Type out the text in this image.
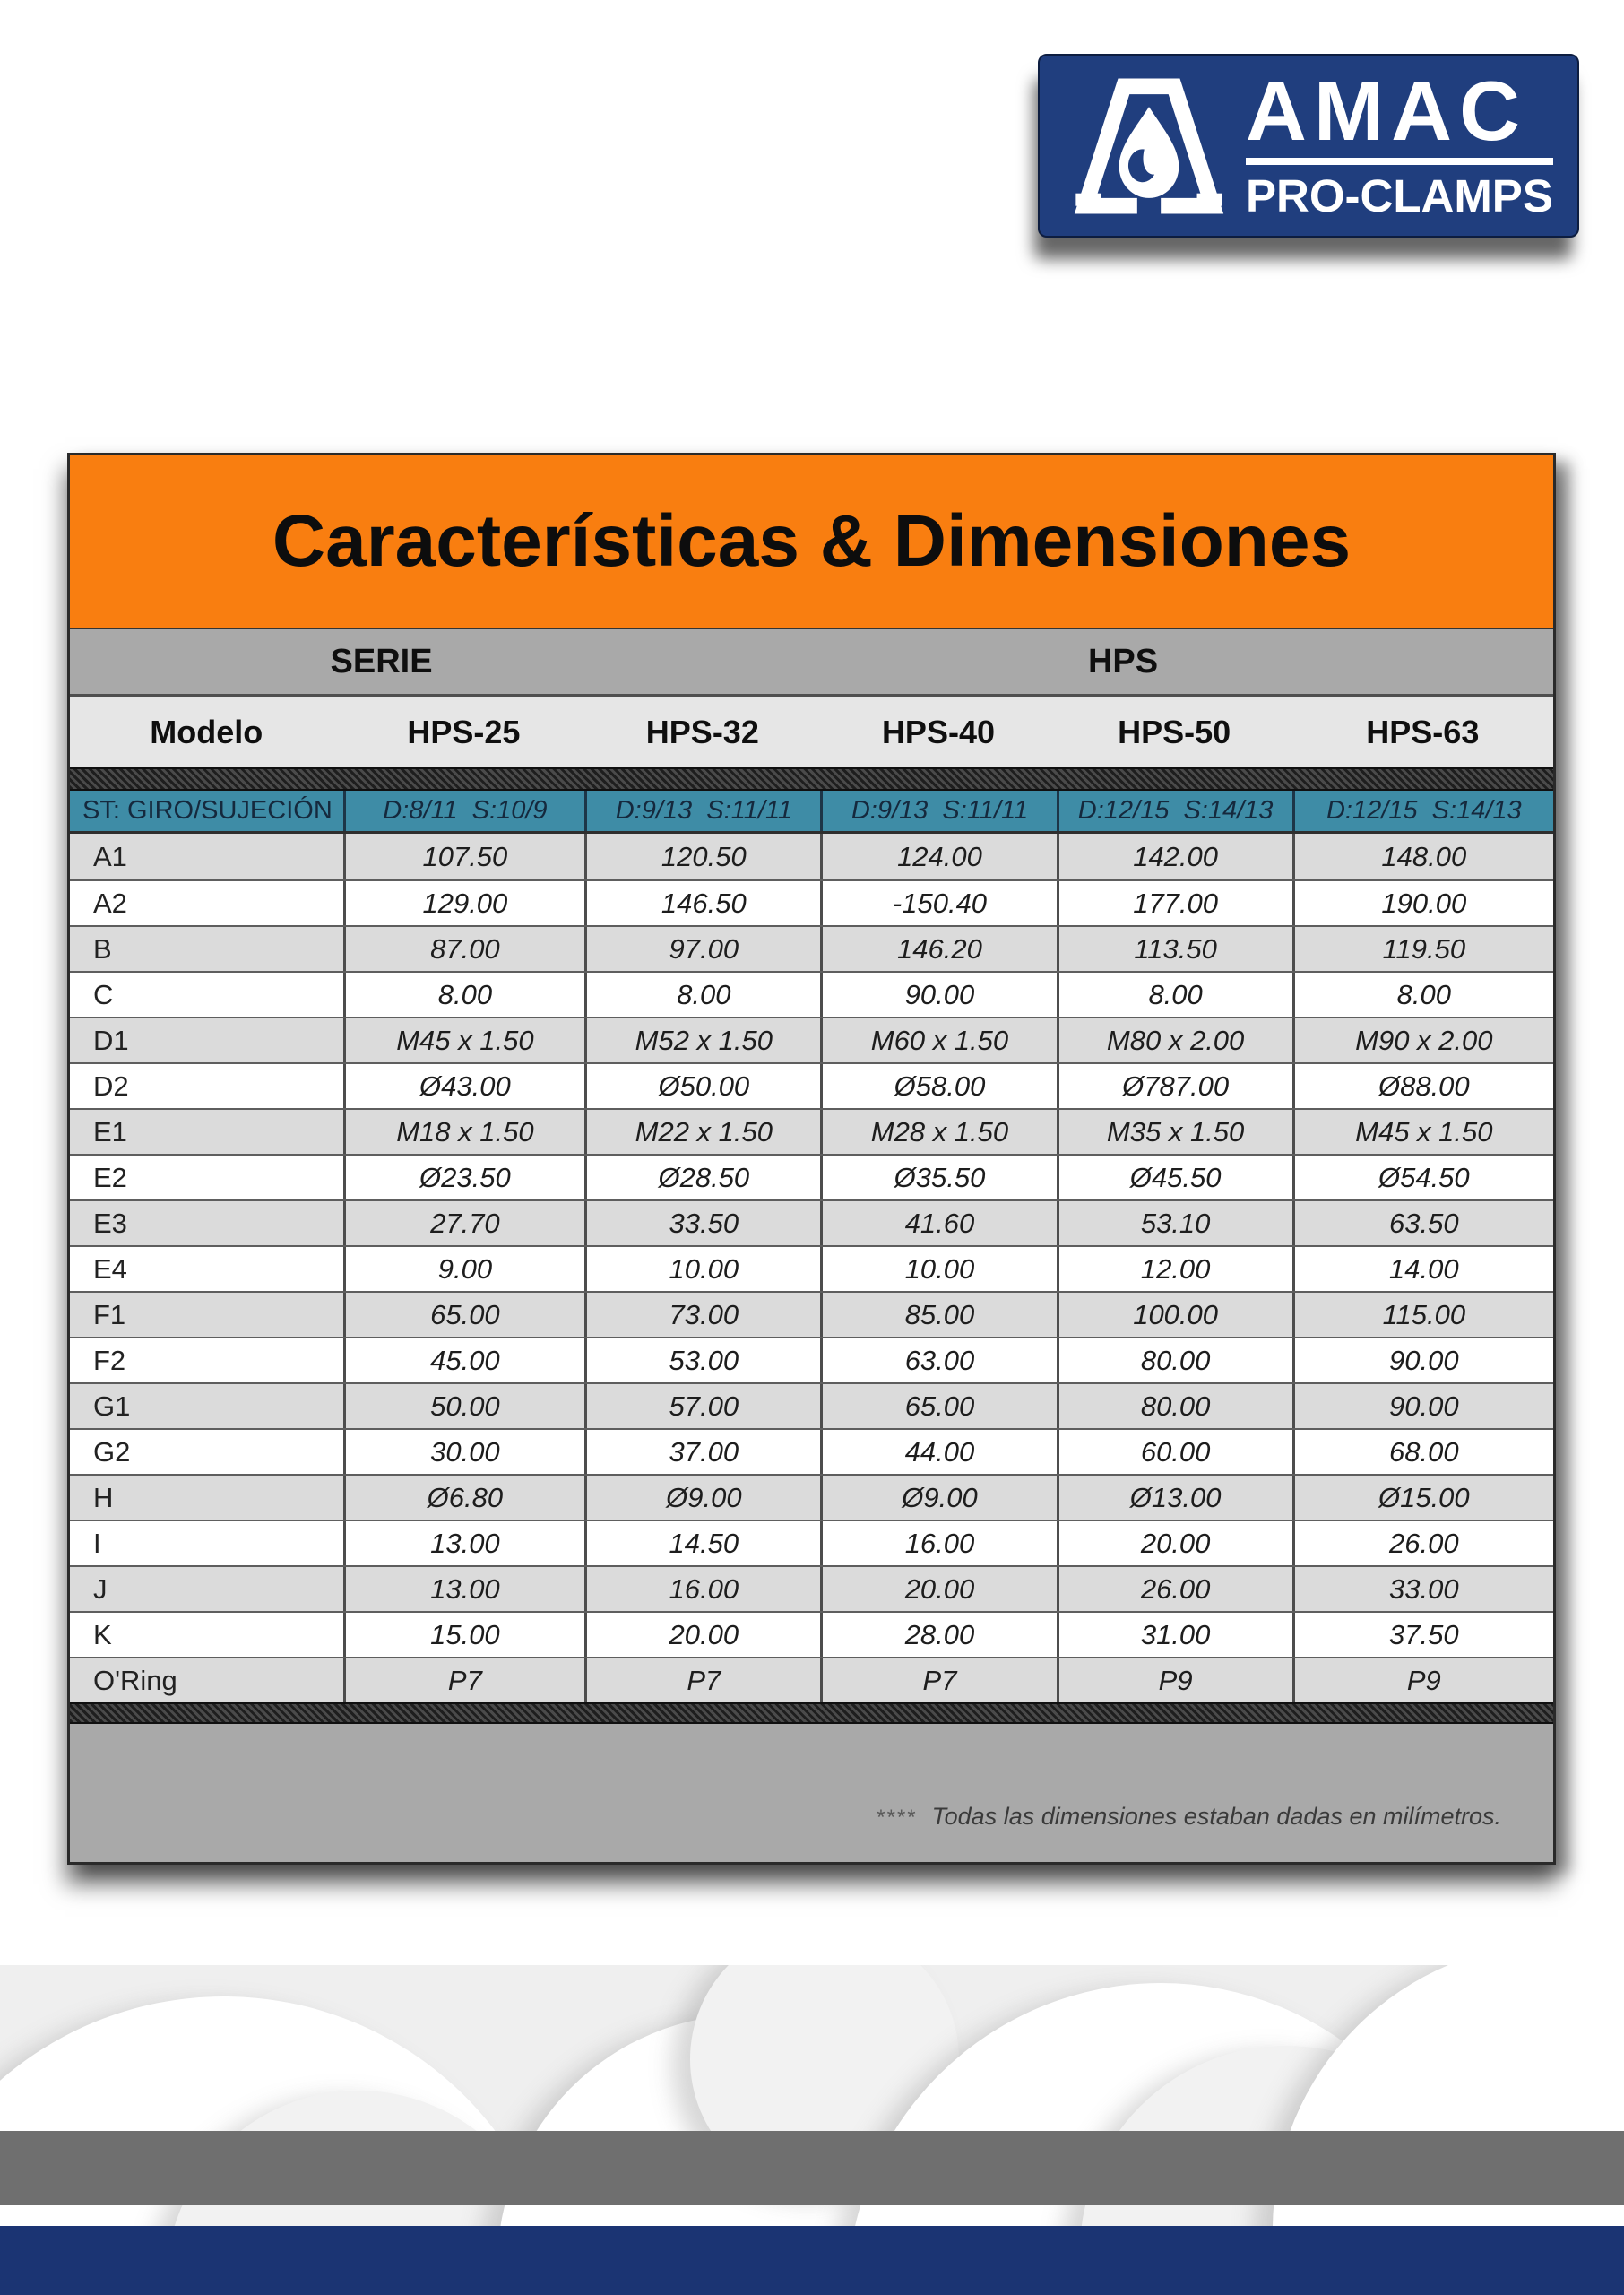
AMAC
PRO-CLAMPS
Características & Dimensiones
SERIE	HPS
Modelo	HPS-25	HPS-32	HPS-40	HPS-50	HPS-63
ST: GIRO/SUJECIÓN	D:8/11  S:10/9	D:9/13  S:11/11	D:9/13  S:11/11	D:12/15  S:14/13	D:12/15  S:14/13
A1	107.50	120.50	124.00	142.00	148.00
A2	129.00	146.50	-150.40	177.00	190.00
B	87.00	97.00	146.20	113.50	119.50
C	8.00	8.00	90.00	8.00	8.00
D1	M45 x 1.50	M52 x 1.50	M60 x 1.50	M80 x 2.00	M90 x 2.00
D2	Ø43.00	Ø50.00	Ø58.00	Ø787.00	Ø88.00
E1	M18 x 1.50	M22 x 1.50	M28 x 1.50	M35 x 1.50	M45 x 1.50
E2	Ø23.50	Ø28.50	Ø35.50	Ø45.50	Ø54.50
E3	27.70	33.50	41.60	53.10	63.50
E4	9.00	10.00	10.00	12.00	14.00
F1	65.00	73.00	85.00	100.00	115.00
F2	45.00	53.00	63.00	80.00	90.00
G1	50.00	57.00	65.00	80.00	90.00
G2	30.00	37.00	44.00	60.00	68.00
H	Ø6.80	Ø9.00	Ø9.00	Ø13.00	Ø15.00
I	13.00	14.50	16.00	20.00	26.00
J	13.00	16.00	20.00	26.00	33.00
K	15.00	20.00	28.00	31.00	37.50
O'Ring	P7	P7	P7	P9	P9
**** Todas las dimensiones estaban dadas en milímetros.
